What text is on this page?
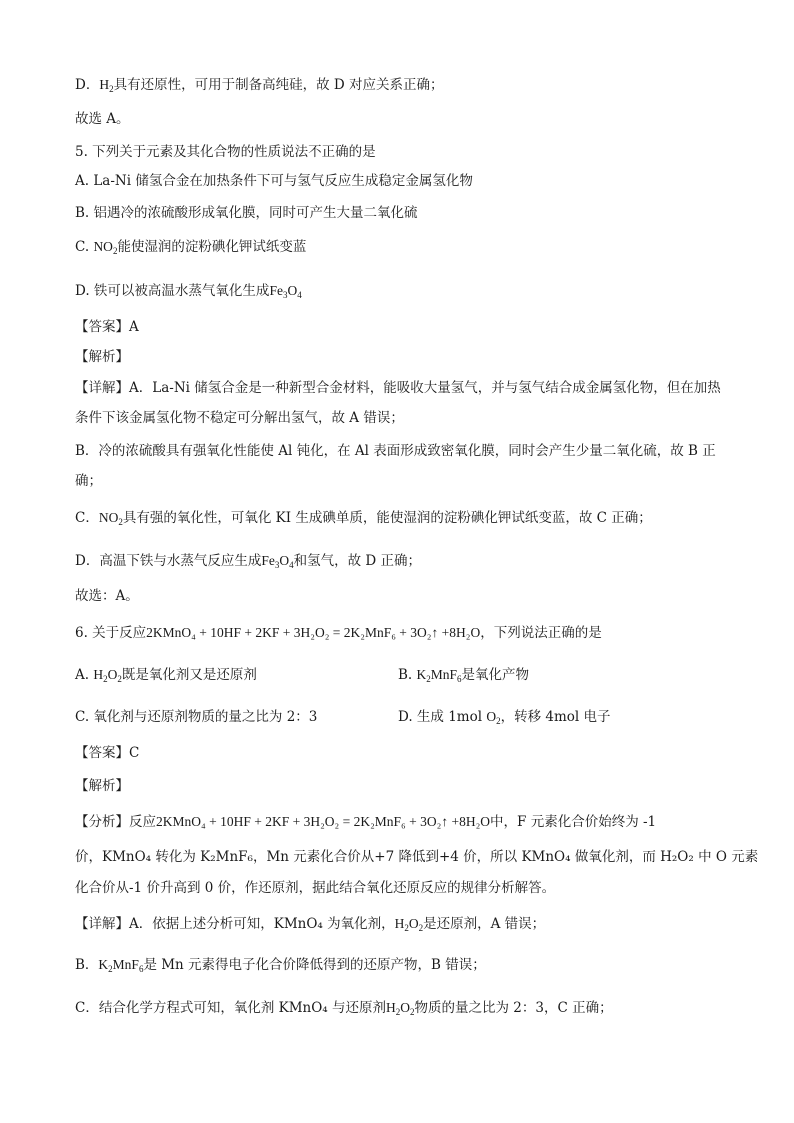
D．$H_2$具有还原性，可用于制备高纯硅，故 D 对应关系正确；
故选 A。
5. 下列关于元素及其化合物的性质说法不正确的是
A. La-Ni 储氢合金在加热条件下可与氢气反应生成稳定金属氢化物
B. 铝遇冷的浓硫酸形成氧化膜，同时可产生大量二氧化硫
C. $NO_2$能使湿润的淀粉碘化钾试纸变蓝
D. 铁可以被高温水蒸气氧化生成$Fe_3O_4$
【答案】A
【解析】
【详解】A．La-Ni 储氢合金是一种新型合金材料，能吸收大量氢气，并与氢气结合成金属氢化物，但在加热条件下该金属氢化物不稳定可分解出氢气，故 A 错误；
B．冷的浓硫酸具有强氧化性能使 Al 钝化，在 Al 表面形成致密氧化膜，同时会产生少量二氧化硫，故 B 正确；
C．$NO_2$具有强的氧化性，可氧化 KI 生成碘单质，能使湿润的淀粉碘化钾试纸变蓝，故 C 正确；
D．高温下铁与水蒸气反应生成$Fe_3O_4$和氢气，故 D 正确；
故选：A。
6. 关于反应2KMnO₄ + 10HF + 2KF + 3H₂O₂ = 2K₂MnF₆ + 3O₂↑ +8H₂O，下列说法正确的是
A. $H_2O_2$既是氧化剂又是还原剂	B. $K_2MnF_6$是氧化产物
C. 氧化剂与还原剂物质的量之比为 2：3	D. 生成 1mol $O_2$，转移 4mol 电子
【答案】C
【解析】
【分析】反应2KMnO₄ + 10HF + 2KF + 3H₂O₂ = 2K₂MnF₆ + 3O₂↑ +8H₂O中，F 元素化合价始终为 -1
价，KMnO₄ 转化为 K₂MnF₆，Mn 元素化合价从+7 降低到+4 价，所以 KMnO₄ 做氧化剂，而 H₂O₂ 中 O 元素
化合价从-1 价升高到 0 价，作还原剂，据此结合氧化还原反应的规律分析解答。
【详解】A．依据上述分析可知，KMnO₄ 为氧化剂，$H_2O_2$是还原剂，A 错误；
B．$K_2MnF_6$是 Mn 元素得电子化合价降低得到的还原产物，B 错误；
C．结合化学方程式可知，氧化剂 KMnO₄ 与还原剂$H_2O_2$物质的量之比为 2：3，C 正确；
